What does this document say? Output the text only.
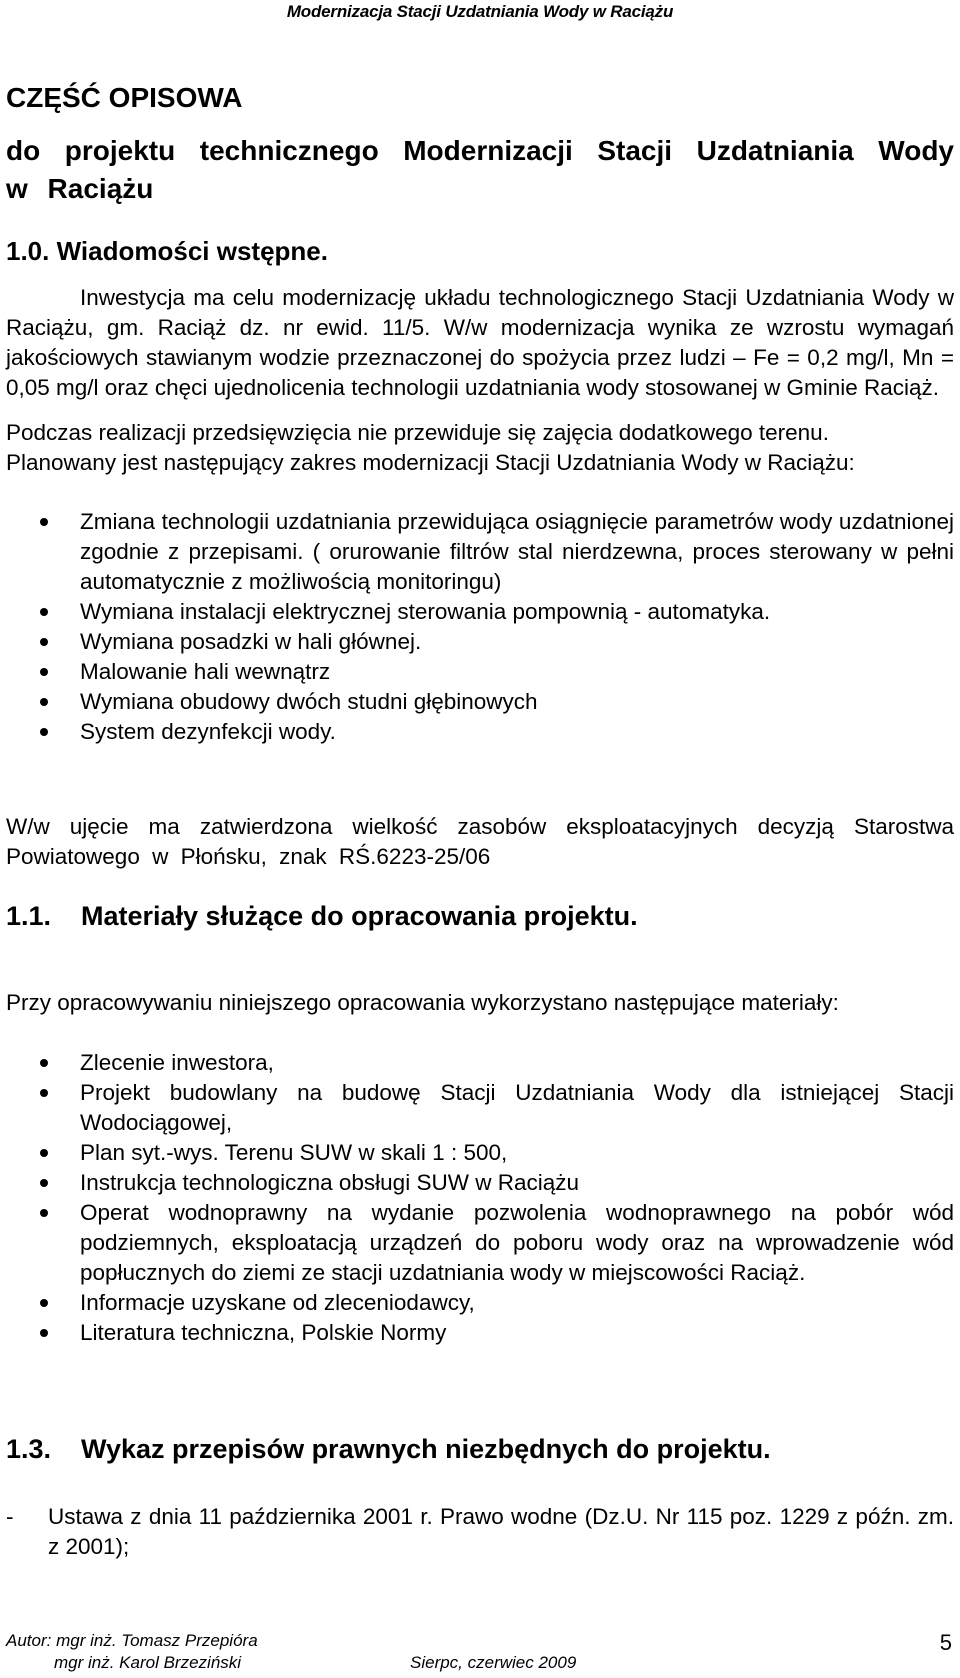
Modernizacja Stacji Uzdatniania Wody w Raciążu
CZĘŚĆ OPISOWA
do projektu technicznego Modernizacji Stacji Uzdatniania Wody w Raciążu
1.0. Wiadomości wstępne.
Inwestycja ma celu modernizację układu technologicznego Stacji Uzdatniania Wody w Raciążu, gm. Raciąż dz. nr ewid. 11/5. W/w modernizacja wynika ze wzrostu wymagań jakościowych stawianym wodzie przeznaczonej do spożycia przez ludzi – Fe = 0,2 mg/l, Mn = 0,05 mg/l oraz chęci ujednolicenia technologii uzdatniania wody stosowanej w Gminie Raciąż.
Podczas realizacji przedsięwzięcia nie przewiduje się zajęcia dodatkowego terenu.
Planowany jest następujący zakres modernizacji Stacji Uzdatniania Wody w Raciążu:
Zmiana technologii uzdatniania przewidująca osiągnięcie parametrów wody uzdatnionej zgodnie z przepisami. ( orurowanie filtrów stal nierdzewna, proces sterowany w pełni automatycznie z możliwością monitoringu)
Wymiana instalacji elektrycznej sterowania pompownią - automatyka.
Wymiana posadzki w hali głównej.
Malowanie hali wewnątrz
Wymiana obudowy dwóch studni głębinowych
System dezynfekcji wody.
W/w ujęcie ma zatwierdzona wielkość zasobów eksploatacyjnych decyzją Starostwa Powiatowego w Płońsku, znak RŚ.6223-25/06
1.1. Materiały służące do opracowania projektu.
Przy opracowywaniu niniejszego opracowania wykorzystano następujące materiały:
Zlecenie inwestora,
Projekt budowlany na budowę Stacji Uzdatniania Wody dla istniejącej Stacji Wodociągowej,
Plan syt.-wys. Terenu SUW w skali 1 : 500,
Instrukcja technologiczna obsługi SUW w Raciążu
Operat wodnoprawny na wydanie pozwolenia wodnoprawnego na pobór wód podziemnych, eksploatacją urządzeń do poboru wody oraz na wprowadzenie wód popłucznych do ziemi ze stacji uzdatniania wody w miejscowości Raciąż.
Informacje uzyskane od zleceniodawcy,
Literatura techniczna, Polskie Normy
1.3. Wykaz przepisów prawnych niezbędnych do projektu.
- Ustawa z dnia 11 października 2001 r. Prawo wodne (Dz.U. Nr 115 poz. 1229 z późn. zm. z 2001);
Autor: mgr inż. Tomasz Przepióra
mgr inż. Karol Brzeziński	Sierpc, czerwiec 2009
5
